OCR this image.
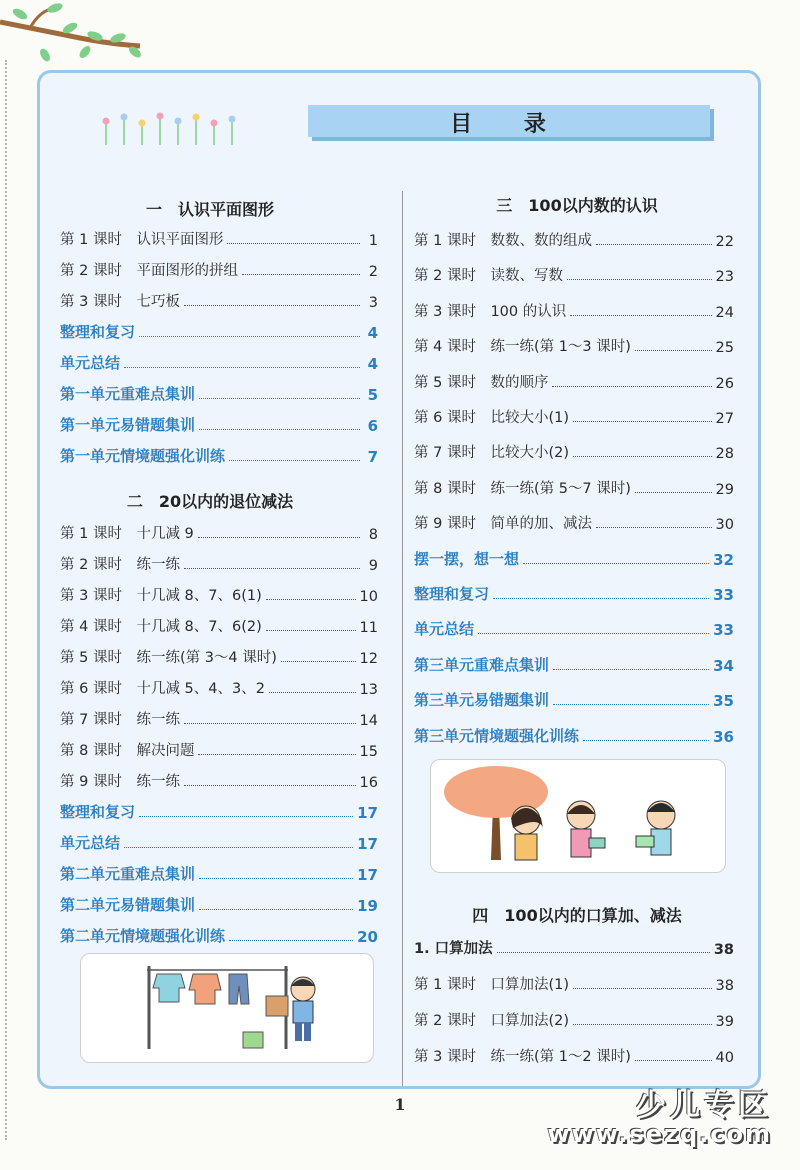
目 录
一　认识平面图形
第 1 课时　认识平面图形	1
第 2 课时　平面图形的拼组	2
第 3 课时　七巧板	3
整理和复习	4
单元总结	4
第一单元重难点集训	5
第一单元易错题集训	6
第一单元情境题强化训练	7
二　20以内的退位减法
第 1 课时　十几减 9	8
第 2 课时　练一练	9
第 3 课时　十几减 8、7、6(1)	10
第 4 课时　十几减 8、7、6(2)	11
第 5 课时　练一练(第 3～4 课时)	12
第 6 课时　十几减 5、4、3、2	13
第 7 课时　练一练	14
第 8 课时　解决问题	15
第 9 课时　练一练	16
整理和复习	17
单元总结	17
第二单元重难点集训	17
第二单元易错题集训	19
第二单元情境题强化训练	20
三　100以内数的认识
第 1 课时　数数、数的组成	22
第 2 课时　读数、写数	23
第 3 课时　100 的认识	24
第 4 课时　练一练(第 1～3 课时)	25
第 5 课时　数的顺序	26
第 6 课时　比较大小(1)	27
第 7 课时　比较大小(2)	28
第 8 课时　练一练(第 5～7 课时)	29
第 9 课时　简单的加、减法	30
摆一摆，想一想	32
整理和复习	33
单元总结	33
第三单元重难点集训	34
第三单元易错题集训	35
第三单元情境题强化训练	36
四　100以内的口算加、减法
1. 口算加法	38
第 1 课时　口算加法(1)	38
第 2 课时　口算加法(2)	39
第 3 课时　练一练(第 1～2 课时)	40
1	少儿专区
www.sezq.com
